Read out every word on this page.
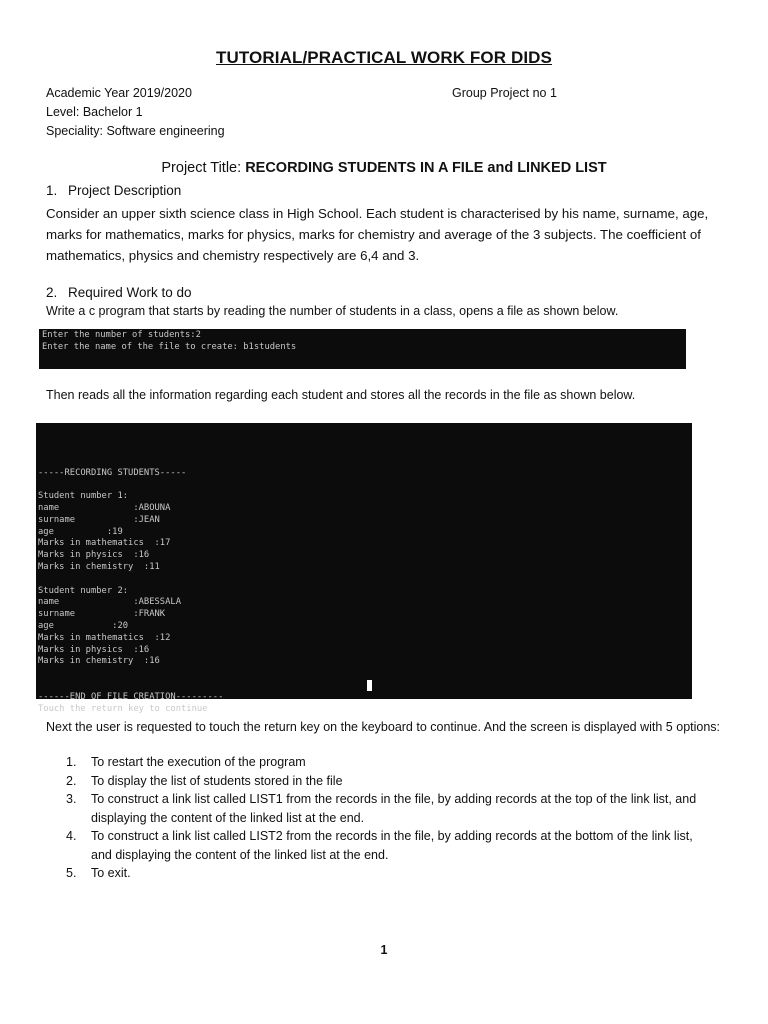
TUTORIAL/PRACTICAL WORK FOR DIDS
Academic Year 2019/2020
Level: Bachelor 1
Speciality: Software engineering
Group Project no 1
Project Title: RECORDING STUDENTS IN A FILE and LINKED LIST
1. Project Description
Consider an upper sixth science class in High School. Each student is characterised by his name, surname, age, marks for mathematics, marks for physics, marks for chemistry and average of the 3 subjects. The coefficient of mathematics, physics and chemistry respectively are 6,4 and 3.
2. Required Work to do
Write a c program that starts by reading the number of students in a class, opens a file as shown below.
Enter the number of students:2
Enter the name of the file to create: b1students
Then reads all the information regarding each student and stores all the records in the file as shown below.

-----RECORDING STUDENTS-----
Student number 1:
name              :ABOUNA
surname           :JEAN
age          :19
Marks in mathematics  :17
Marks in physics  :16
Marks in chemistry  :11
Student number 2:
name              :ABESSALA
surname           :FRANK
age           :20
Marks in mathematics  :12
Marks in physics  :16
Marks in chemistry  :16
------END OF FILE CREATION---------
Touch the return key to continue

Next the user is requested to touch the return key on the keyboard to continue. And the screen is displayed with 5 options:
1. To restart the execution of the program
2. To display the list of students stored in the file
3. To construct a link list called LIST1 from the records in the file, by adding records at the top of the link list, and displaying the content of the linked list at the end.
4. To construct a link list called LIST2 from the records in the file, by adding records at the bottom of the link list, and displaying the content of the linked list at the end.
5. To exit.
1
